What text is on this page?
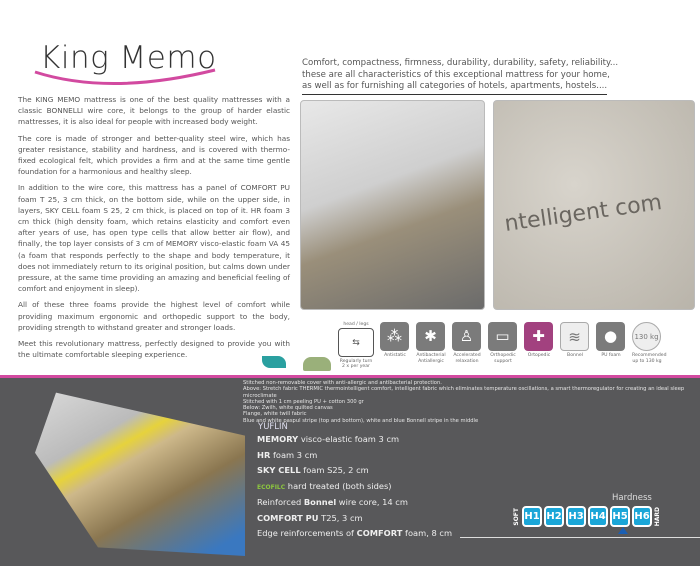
King Memo

The KING MEMO mattress is one of the best quality mattresses with a classic BONNELLI wire core, it belongs to the group of harder elastic mattresses, it is also ideal for people with increased body weight.

The core is made of stronger and better-quality steel wire, which has greater resistance, stability and hardness, and is covered with thermo-fixed ecological felt, which provides a firm and at the same time gentle foundation for a harmonious and healthy sleep.

In addition to the wire core, this mattress has a panel of COMFORT PU foam T 25, 3 cm thick, on the bottom side, while on the upper side, in layers, SKY CELL foam S 25, 2 cm thick, is placed on top of it. HR foam 3 cm thick (high density foam, which retains elasticity and comfort even after years of use, has open type cells that allow better air flow), and finally, the top layer consists of 3 cm of MEMORY visco-elastic foam VA 45 (a foam that responds perfectly to the shape and body temperature, it does not immediately return to its original position, but calms down under pressure, at the same time providing an amazing and beneficial feeling of comfort and enjoyment in sleep).

All of these three foams provide the highest level of comfort while providing maximum ergonomic and orthopedic support to the body, providing strength to withstand greater and stronger loads.

Meet this revolutionary mattress, perfectly designed to provide you with the ultimate comfortable sleeping experience.

Comfort, compactness, firmness, durability, durability, safety, reliability...
these are all characteristics of this exceptional mattress for your home,
as well as for furnishing all categories of hotels, apartments, hostels....
ntelligent com
head / legs
⇆
Regularly turn 2 x per year
⁂
Antistatic
✱
Antibacterial Antiallergic
♙
Accelerated relaxation
▭
Orthopedic support
✚
Ortopedic
≋
Bonnel
●
PU foam
130 kg
Recommended up to 130 kg
Stitched non-removable cover with anti-allergic and antibacterial protection.
Above: Stretch fabric THERMIC thermointelligent comfort, intelligent fabric which eliminates temperature oscillations, a smart thermoregulator for creating an ideal sleep microclimate
Stitched with 1 cm peeling PU + cotton 300 gr
Below: Zwilh, white quilted canvas
Flange, white twill fabric
Blue and white paspul stripe (top and bottom), white and blue Bonnell stripe in the middle
YUFLIN
MEMORY visco-elastic foam 3 cm
HR foam 3 cm
SKY CELL foam S25, 2 cm
ECOFILC hard treated (both sides)
Reinforced Bonnel wire core, 14 cm
COMFORT PU T25, 3 cm
Edge reinforcements of COMFORT foam, 8 cm
Hardness
SOFT H1 H2 H3 H4 H5 H6 HARD
